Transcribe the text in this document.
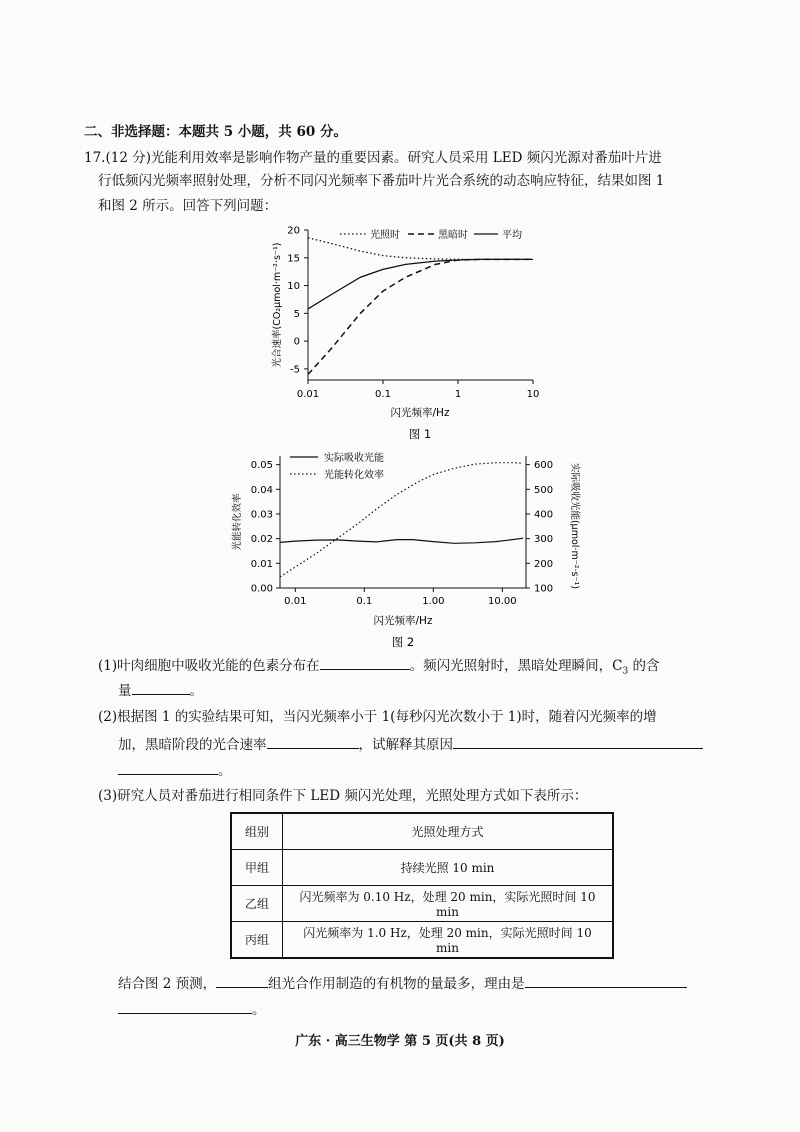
二、非选择题：本题共 5 小题，共 60 分。
17.(12 分)光能利用效率是影响作物产量的重要因素。研究人员采用 LED 频闪光源对番茄叶片进
行低频闪光频率照射处理，分析不同闪光频率下番茄叶片光合系统的动态响应特征，结果如图 1
和图 2 所示。回答下列问题：
0.01	0.1	1	10
-5
0
5
10
15
20	光照时	黑暗时	平均
光合速率(CO₂μmol·m⁻²·s⁻¹)
闪光频率/Hz
图 1
0.01	0.1	1.00	10.00
0.00
0.01
0.02
0.03
0.04
0.05
100
200
300
400
500
600
实际吸收光能
光能转化效率
光能转化效率	实际吸收光能(μmol·m⁻²·s⁻¹)
闪光频率/Hz
图 2
(1)叶肉细胞中吸收光能的色素分布在	。频闪光照射时，黑暗处理瞬间，$C_3$ 的含
量	。
(2)根据图 1 的实验结果可知，当闪光频率小于 1(每秒闪光次数小于 1)时，随着闪光频率的增
加，黑暗阶段的光合速率	，试解释其原因
。
(3)研究人员对番茄进行相同条件下 LED 频闪光处理，光照处理方式如下表所示：
组别	光照处理方式
甲组	持续光照 10 min
乙组	闪光频率为 0.10 Hz，处理 20 min，实际光照时间 10 min
丙组	闪光频率为 1.0 Hz，处理 20 min，实际光照时间 10 min
结合图 2 预测，	组光合作用制造的有机物的量最多，理由是
。
广东 · 高三生物学 第 5 页(共 8 页)
